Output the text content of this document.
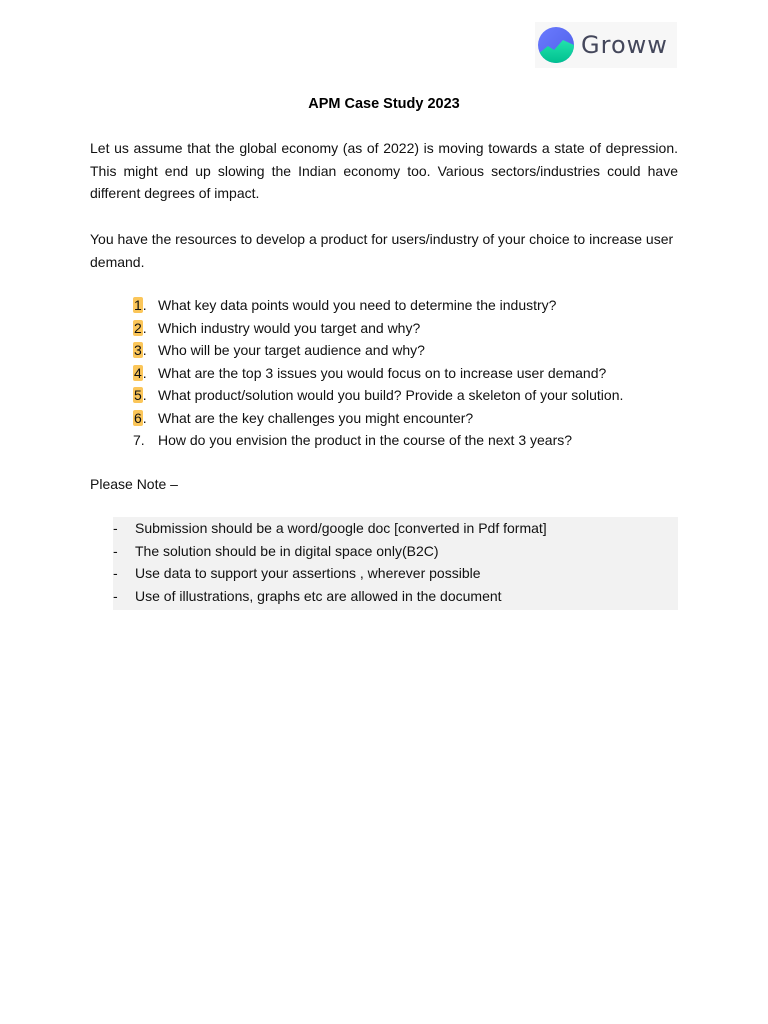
Groww
APM Case Study 2023

Let us assume that the global economy (as of 2022) is moving towards a state of depression. This might end up slowing the Indian economy too. Various sectors/industries could have different degrees of impact.

You have the resources to develop a product for users/industry of your choice to increase user demand.

1. What key data points would you need to determine the industry?
2. Which industry would you target and why?
3. Who will be your target audience and why?
4. What are the top 3 issues you would focus on to increase user demand?
5. What product/solution would you build? Provide a skeleton of your solution.
6. What are the key challenges you might encounter?
7. How do you envision the product in the course of the next 3 years?
Please Note –
-	Submission should be a word/google doc [converted in Pdf format]
-	The solution should be in digital space only(B2C)
-	Use data to support your assertions , wherever possible
-	Use of illustrations, graphs etc are allowed in the document
